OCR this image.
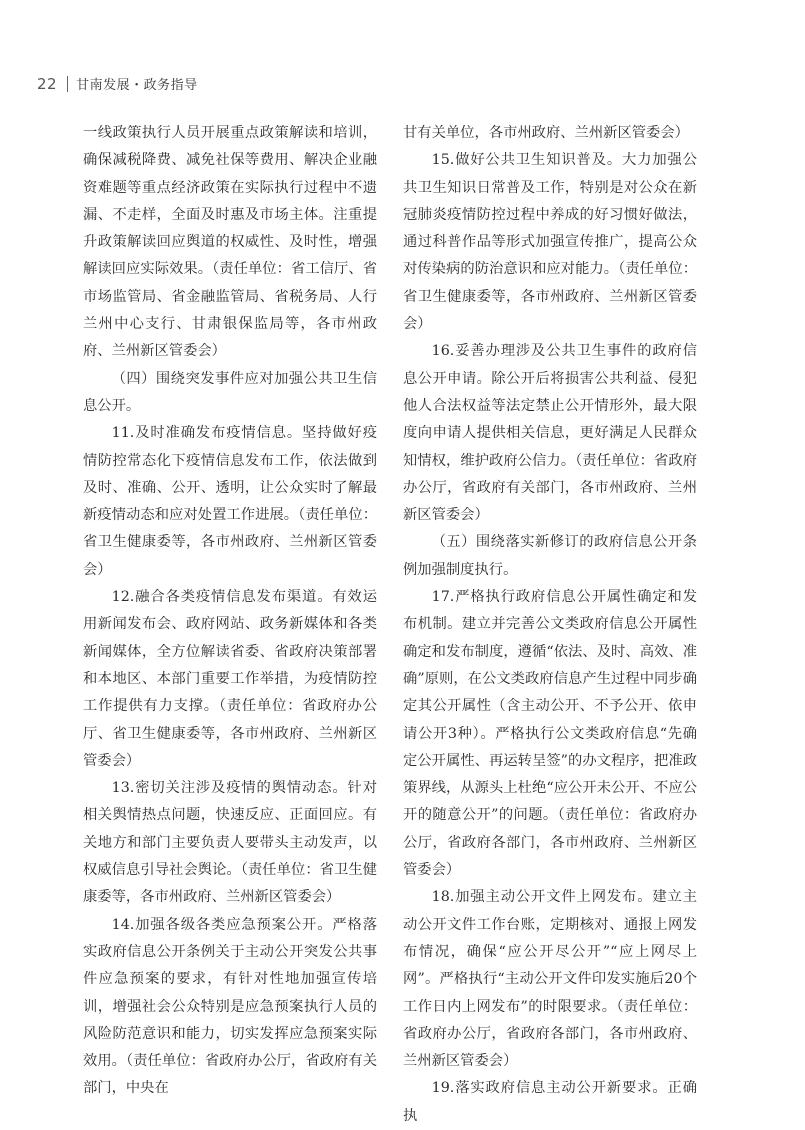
22 甘南发展・政务指导

一线政策执行人员开展重点政策解读和培训，确保减税降费、减免社保等费用、解决企业融资难题等重点经济政策在实际执行过程中不遗漏、不走样，全面及时惠及市场主体。注重提升政策解读回应舆道的权威性、及时性，增强解读回应实际效果。（责任单位：省工信厅、省市场监管局、省金融监管局、省税务局、人行兰州中心支行、甘肃银保监局等，各市州政府、兰州新区管委会）

（四）围绕突发事件应对加强公共卫生信息公开。

11.及时准确发布疫情信息。坚持做好疫情防控常态化下疫情信息发布工作，依法做到及时、准确、公开、透明，让公众实时了解最新疫情动态和应对处置工作进展。（责任单位：省卫生健康委等，各市州政府、兰州新区管委会）

12.融合各类疫情信息发布渠道。有效运用新闻发布会、政府网站、政务新媒体和各类新闻媒体，全方位解读省委、省政府决策部署和本地区、本部门重要工作举措，为疫情防控工作提供有力支撑。（责任单位：省政府办公厅、省卫生健康委等，各市州政府、兰州新区管委会）

13.密切关注涉及疫情的舆情动态。针对相关舆情热点问题，快速反应、正面回应。有关地方和部门主要负责人要带头主动发声，以权威信息引导社会舆论。（责任单位：省卫生健康委等，各市州政府、兰州新区管委会）

14.加强各级各类应急预案公开。严格落实政府信息公开条例关于主动公开突发公共事件应急预案的要求，有针对性地加强宣传培训，增强社会公众特别是应急预案执行人员的风险防范意识和能力，切实发挥应急预案实际效用。（责任单位：省政府办公厅，省政府有关部门，中央在

甘有关单位，各市州政府、兰州新区管委会）

15.做好公共卫生知识普及。大力加强公共卫生知识日常普及工作，特别是对公众在新冠肺炎疫情防控过程中养成的好习惯好做法，通过科普作品等形式加强宣传推广，提高公众对传染病的防治意识和应对能力。（责任单位：省卫生健康委等，各市州政府、兰州新区管委会）

16.妥善办理涉及公共卫生事件的政府信息公开申请。除公开后将损害公共利益、侵犯他人合法权益等法定禁止公开情形外，最大限度向申请人提供相关信息，更好满足人民群众知情权，维护政府公信力。（责任单位：省政府办公厅，省政府有关部门，各市州政府、兰州新区管委会）

（五）围绕落实新修订的政府信息公开条例加强制度执行。

17.严格执行政府信息公开属性确定和发布机制。建立并完善公文类政府信息公开属性确定和发布制度，遵循“依法、及时、高效、准确”原则，在公文类政府信息产生过程中同步确定其公开属性（含主动公开、不予公开、依申请公开3种）。严格执行公文类政府信息“先确定公开属性、再运转呈签”的办文程序，把准政策界线，从源头上杜绝“应公开未公开、不应公开的随意公开”的问题。（责任单位：省政府办公厅，省政府各部门，各市州政府、兰州新区管委会）

18.加强主动公开文件上网发布。建立主动公开文件工作台账，定期核对、通报上网发布情况，确保“应公开尽公开”“应上网尽上网”。严格执行“主动公开文件印发实施后20个工作日内上网发布”的时限要求。（责任单位：省政府办公厅，省政府各部门，各市州政府、兰州新区管委会）

19.落实政府信息主动公开新要求。正确执
